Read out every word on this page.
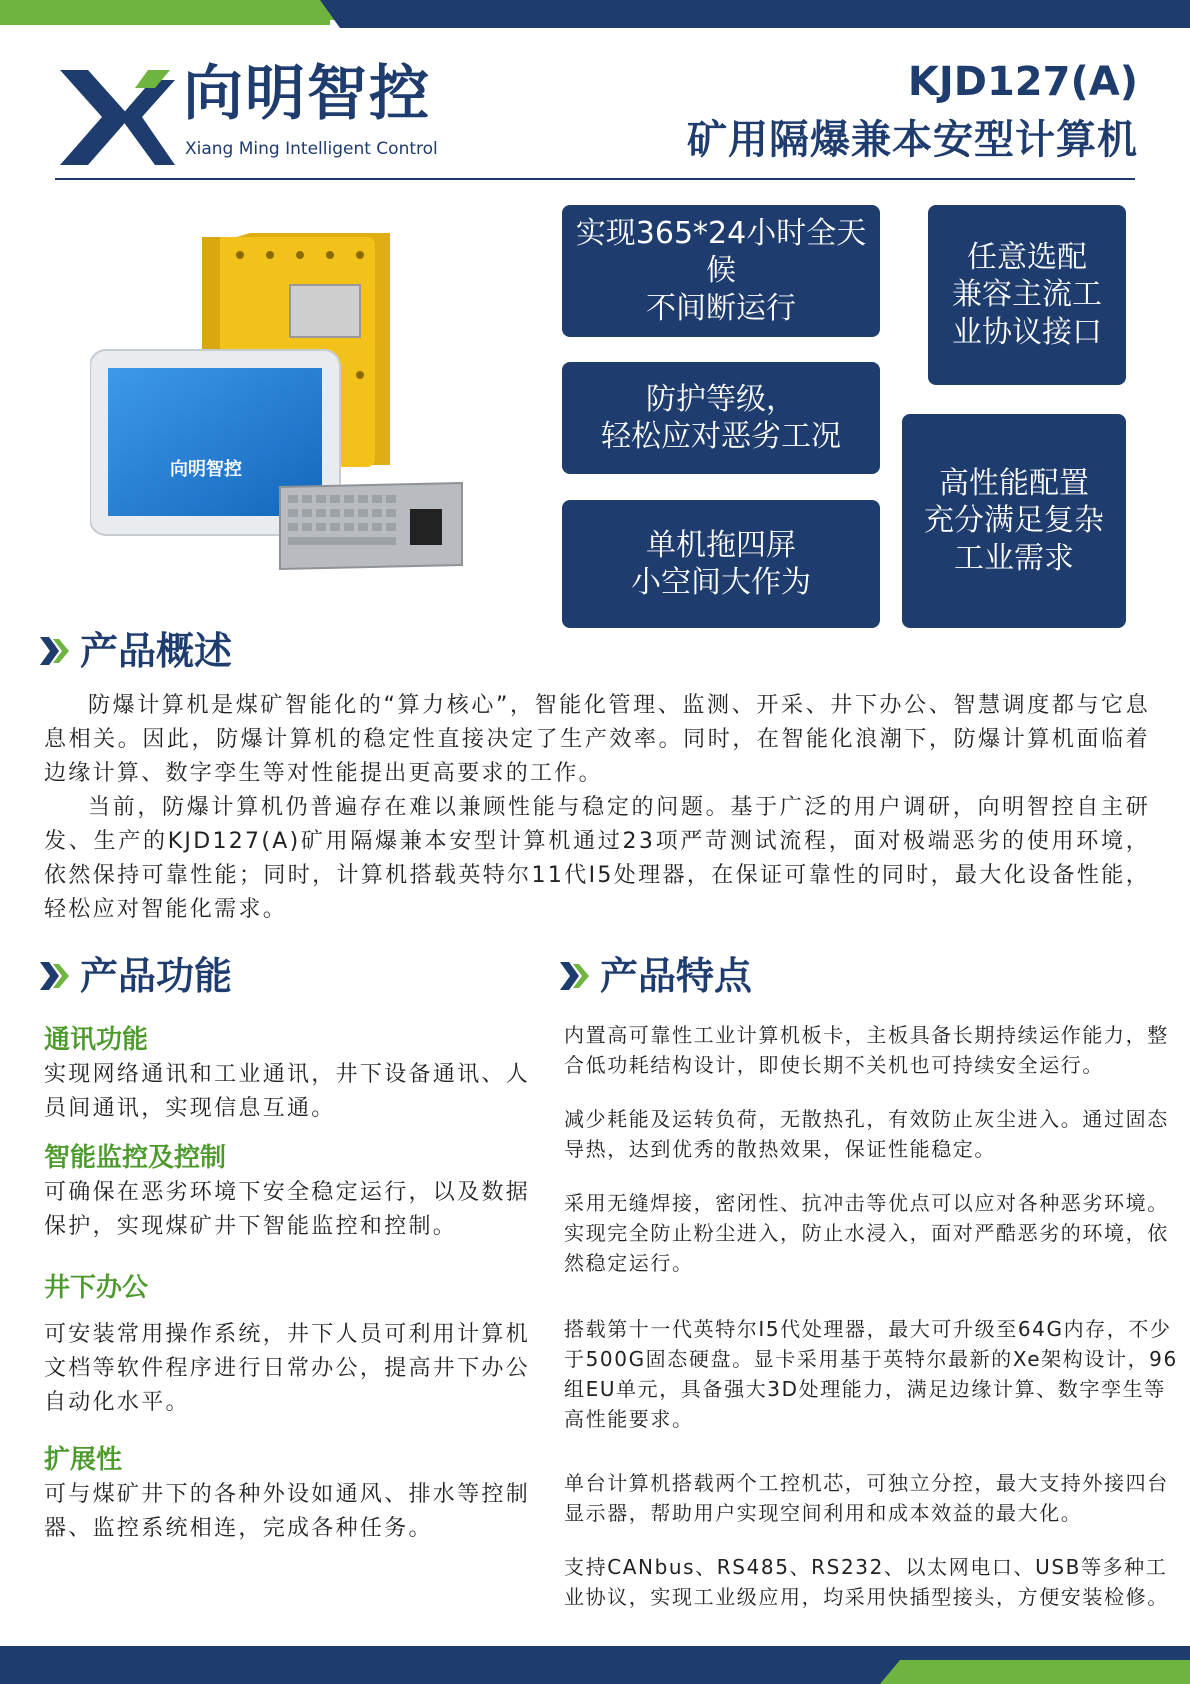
向明智控
Xiang Ming Intelligent Control
KJD127(A)
矿用隔爆兼本安型计算机
向明智控
实现365*24小时全天候
不间断运行
任意选配
兼容主流工
业协议接口
防护等级，
轻松应对恶劣工况
高性能配置
充分满足复杂
工业需求
单机拖四屏
小空间大作为
产品概述

防爆计算机是煤矿智能化的“算力核心”，智能化管理、监测、开采、井下办公、智慧调度都与它息息相关。因此，防爆计算机的稳定性直接决定了生产效率。同时，在智能化浪潮下，防爆计算机面临着边缘计算、数字孪生等对性能提出更高要求的工作。

当前，防爆计算机仍普遍存在难以兼顾性能与稳定的问题。基于广泛的用户调研，向明智控自主研发、生产的KJD127(A)矿用隔爆兼本安型计算机通过23项严苛测试流程，面对极端恶劣的使用环境，依然保持可靠性能；同时，计算机搭载英特尔11代I5处理器，在保证可靠性的同时，最大化设备性能，轻松应对智能化需求。

产品功能
通讯功能

实现网络通讯和工业通讯，井下设备通讯、人员间通讯，实现信息互通。

智能监控及控制

可确保在恶劣环境下安全稳定运行，以及数据保护，实现煤矿井下智能监控和控制。

井下办公

可安装常用操作系统，井下人员可利用计算机文档等软件程序进行日常办公，提高井下办公自动化水平。

扩展性

可与煤矿井下的各种外设如通风、排水等控制器、监控系统相连，完成各种任务。

产品特点

内置高可靠性工业计算机板卡，主板具备长期持续运作能力，整合低功耗结构设计，即使长期不关机也可持续安全运行。

减少耗能及运转负荷，无散热孔，有效防止灰尘进入。通过固态导热，达到优秀的散热效果，保证性能稳定。

采用无缝焊接，密闭性、抗冲击等优点可以应对各种恶劣环境。实现完全防止粉尘进入，防止水浸入，面对严酷恶劣的环境，依然稳定运行。

搭载第十一代英特尔I5代处理器，最大可升级至64G内存，不少于500G固态硬盘。显卡采用基于英特尔最新的Xe架构设计，96组EU单元，具备强大3D处理能力，满足边缘计算、数字孪生等高性能要求。

单台计算机搭载两个工控机芯，可独立分控，最大支持外接四台显示器，帮助用户实现空间利用和成本效益的最大化。

支持CANbus、RS485、RS232、以太网电口、USB等多种工业协议，实现工业级应用，均采用快插型接头，方便安装检修。
